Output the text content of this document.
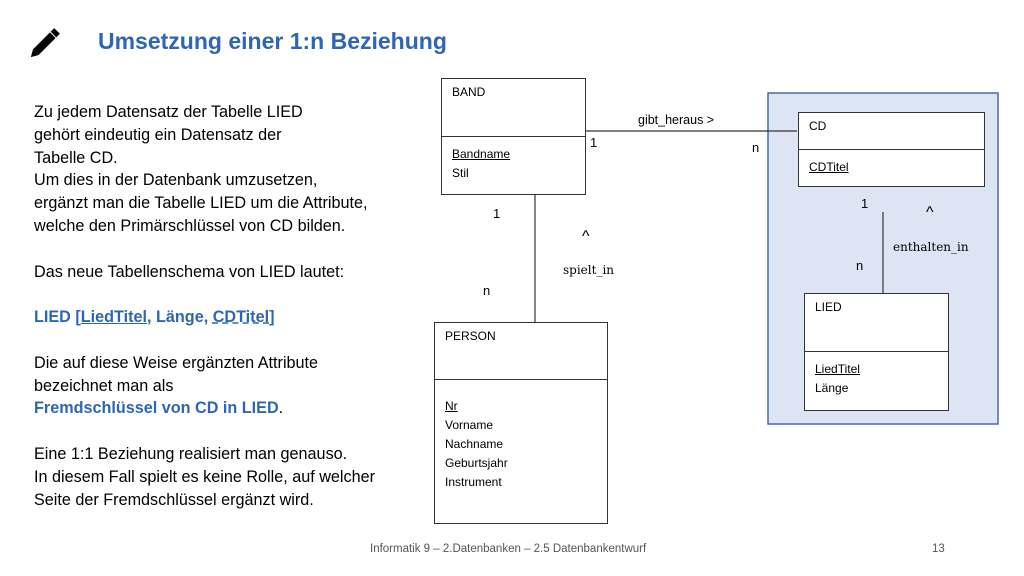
Umsetzung einer 1:n Beziehung
Zu jedem Datensatz der Tabelle LIED
gehört eindeutig ein Datensatz der
Tabelle CD.
Um dies in der Datenbank umzusetzen,
ergänzt man die Tabelle LIED um die Attribute,
welche den Primärschlüssel von CD bilden.
Das neue Tabellenschema von LIED lautet:
LIED [LiedTitel, Länge, CDTitel]
Die auf diese Weise ergänzten Attribute
bezeichnet man als
Fremdschlüssel von CD in LIED.
Eine 1:1 Beziehung realisiert man genauso.
In diesem Fall spielt es keine Rolle, auf welcher
Seite der Fremdschlüssel ergänzt wird.
BAND
Bandname
Stil
CD
CDTitel
LIED
LiedTitel
Länge
PERSON
Nr
Vorname
Nachname
Geburtsjahr
Instrument
gibt_heraus >
1	n
1
^
spielt_in
n
1
^
enthalten_in
n
Informatik 9 – 2.Datenbanken – 2.5 Datenbankentwurf	13
